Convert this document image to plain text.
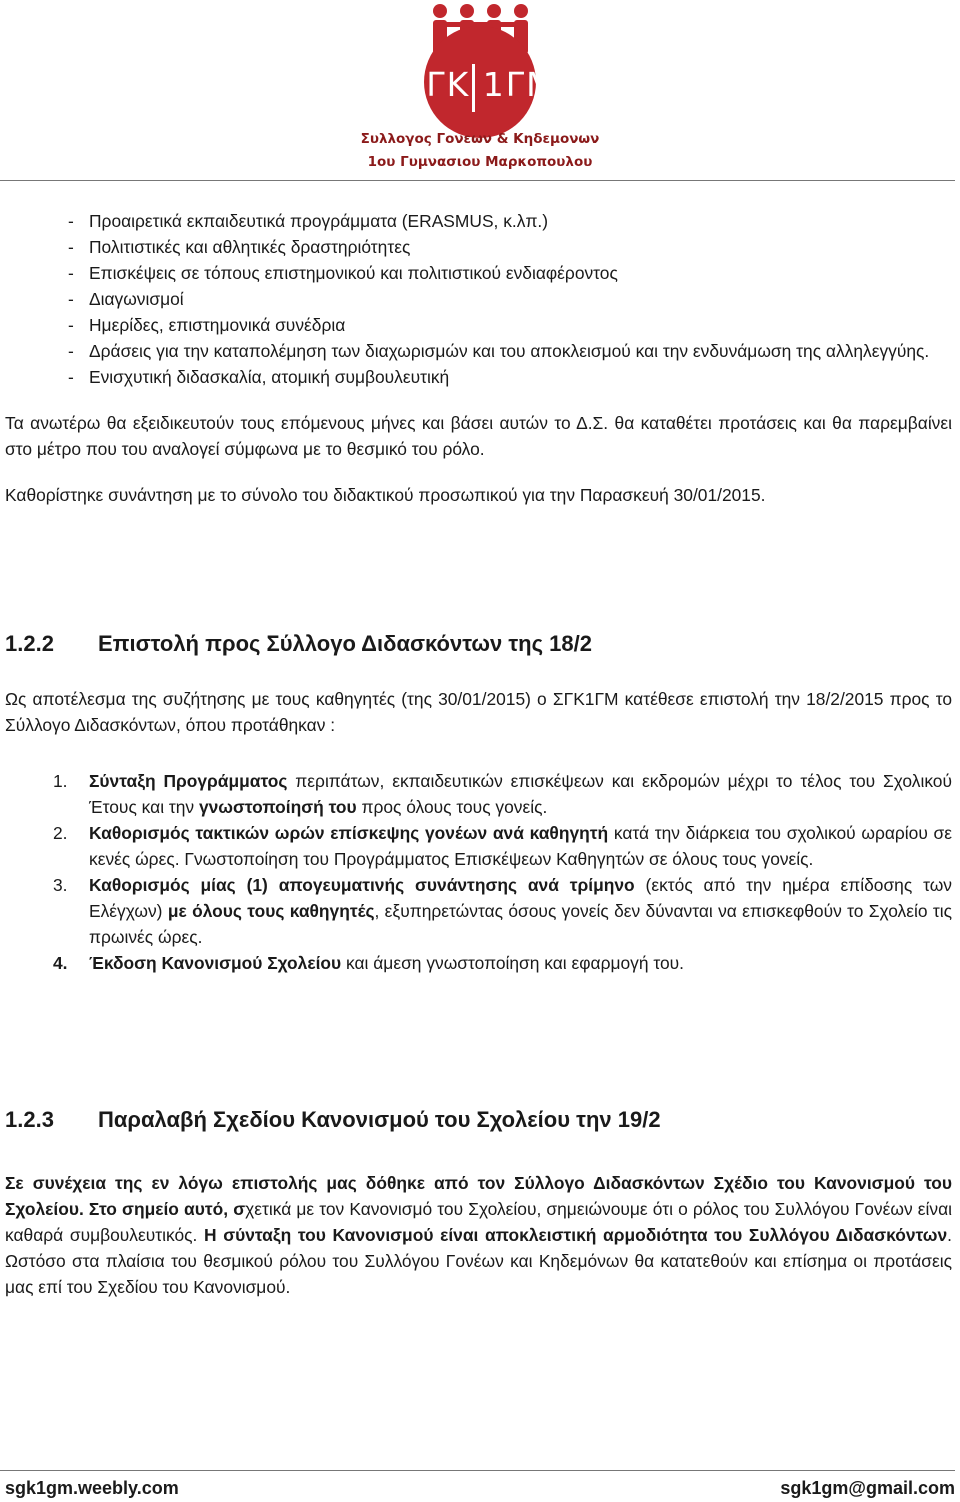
ΣΓΚ 1ΓΜ
Συλλογος Γονεων & Κηδεμονων
1ου Γυμνασιου Μαρκοπουλου
- Προαιρετικά εκπαιδευτικά προγράμματα (ERASMUS, κ.λπ.)
- Πολιτιστικές και αθλητικές δραστηριότητες
- Επισκέψεις σε τόπους επιστημονικού και πολιτιστικού ενδιαφέροντος
- Διαγωνισμοί
- Ημερίδες, επιστημονικά συνέδρια
- Δράσεις για την καταπολέμηση των διαχωρισμών και του αποκλεισμού και την ενδυνάμωση της αλληλεγγύης.
- Ενισχυτική διδασκαλία, ατομική συμβουλευτική

Τα ανωτέρω θα εξειδικευτούν τους επόμενους μήνες και βάσει αυτών το Δ.Σ. θα καταθέτει προτάσεις και θα παρεμβαίνει στο μέτρο που του αναλογεί σύμφωνα με το θεσμικό του ρόλο.

Καθορίστηκε συνάντηση με το σύνολο του διδακτικού προσωπικού για την Παρασκευή 30/01/2015.

1.2.2 Επιστολή προς Σύλλογο Διδασκόντων της 18/2

Ως αποτέλεσμα της συζήτησης με τους καθηγητές (της 30/01/2015) ο ΣΓΚ1ΓΜ κατέθεσε επιστολή την 18/2/2015 προς το Σύλλογο Διδασκόντων, όπου προτάθηκαν :

1. Σύνταξη Προγράμματος περιπάτων, εκπαιδευτικών επισκέψεων και εκδρομών μέχρι το τέλος του Σχολικού Έτους και την γνωστοποίησή του προς όλους τους γονείς.
2. Καθορισμός τακτικών ωρών επίσκεψης γονέων ανά καθηγητή κατά την διάρκεια του σχολικού ωραρίου σε κενές ώρες. Γνωστοποίηση του Προγράμματος Επισκέψεων Καθηγητών σε όλους τους γονείς.
3. Καθορισμός μίας (1) απογευματινής συνάντησης ανά τρίμηνο (εκτός από την ημέρα επίδοσης των Ελέγχων) με όλους τους καθηγητές, εξυπηρετώντας όσους γονείς δεν δύνανται να επισκεφθούν το Σχολείο τις πρωινές ώρες.
4. Έκδοση Κανονισμού Σχολείου και άμεση γνωστοποίηση και εφαρμογή του.
1.2.3 Παραλαβή Σχεδίου Κανονισμού του Σχολείου την 19/2

Σε συνέχεια της εν λόγω επιστολής μας δόθηκε από τον Σύλλογο Διδασκόντων Σχέδιο του Κανονισμού του Σχολείου. Στο σημείο αυτό, σχετικά με τον Κανονισμό του Σχολείου, σημειώνουμε ότι ο ρόλος του Συλλόγου Γονέων είναι καθαρά συμβουλευτικός. Η σύνταξη του Κανονισμού είναι αποκλειστική αρμοδιότητα του Συλλόγου Διδασκόντων. Ωστόσο στα πλαίσια του θεσμικού ρόλου του Συλλόγου Γονέων και Κηδεμόνων θα κατατεθούν και επίσημα οι προτάσεις μας επί του Σχεδίου του Κανονισμού.

sgk1gm.weebly.com	sgk1gm@gmail.com
